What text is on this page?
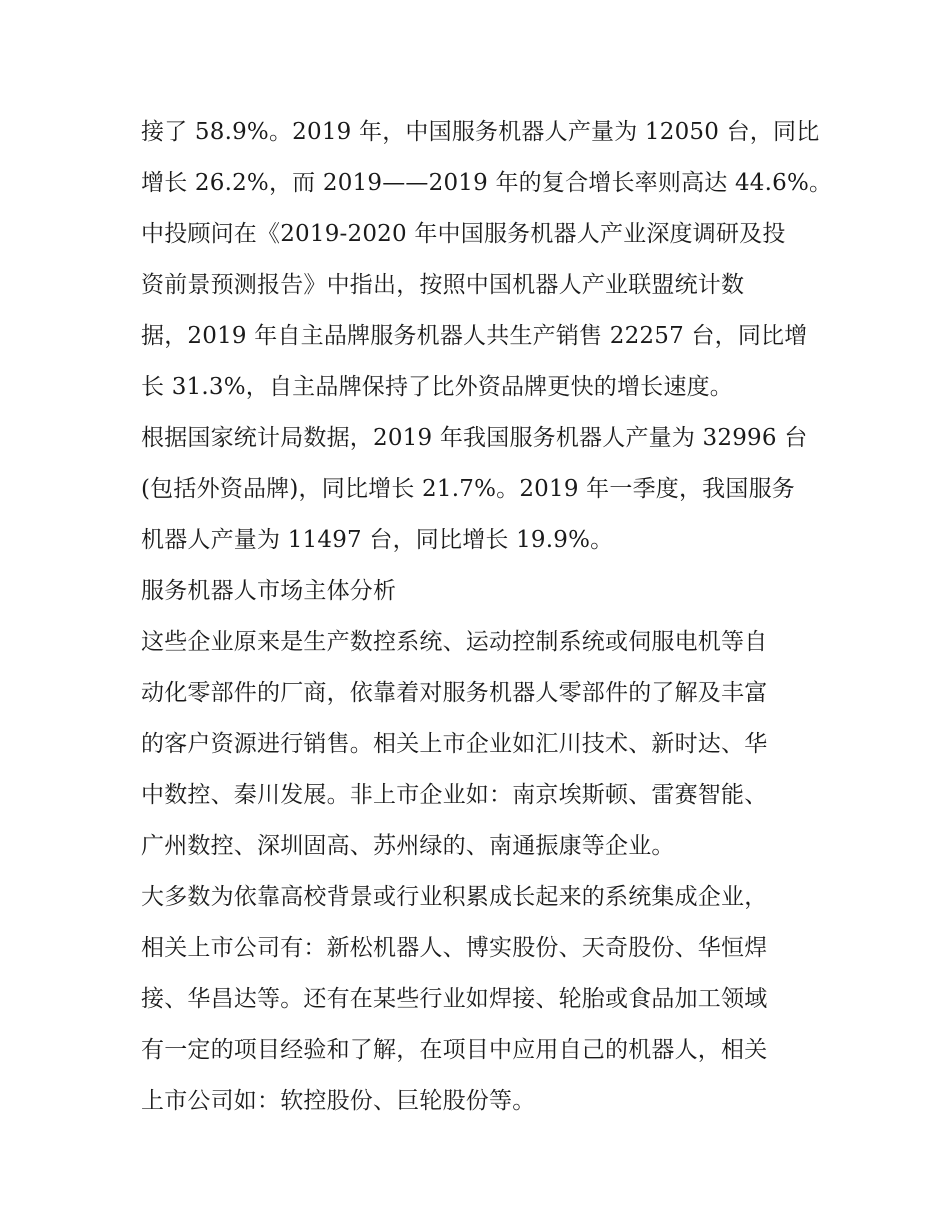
接了 58.9%。2019 年，中国服务机器人产量为 12050 台，同比
增长 26.2%，而 2019——2019 年的复合增长率则高达 44.6%。
中投顾问在《2019-2020 年中国服务机器人产业深度调研及投
资前景预测报告》中指出，按照中国机器人产业联盟统计数
据，2019 年自主品牌服务机器人共生产销售 22257 台，同比增
长 31.3%，自主品牌保持了比外资品牌更快的增长速度。
根据国家统计局数据，2019 年我国服务机器人产量为 32996 台
(包括外资品牌)，同比增长 21.7%。2019 年一季度，我国服务
机器人产量为 11497 台，同比增长 19.9%。
服务机器人市场主体分析
这些企业原来是生产数控系统、运动控制系统或伺服电机等自
动化零部件的厂商，依靠着对服务机器人零部件的了解及丰富
的客户资源进行销售。相关上市企业如汇川技术、新时达、华
中数控、秦川发展。非上市企业如：南京埃斯顿、雷赛智能、
广州数控、深圳固高、苏州绿的、南通振康等企业。
大多数为依靠高校背景或行业积累成长起来的系统集成企业，
相关上市公司有：新松机器人、博实股份、天奇股份、华恒焊
接、华昌达等。还有在某些行业如焊接、轮胎或食品加工领域
有一定的项目经验和了解，在项目中应用自己的机器人，相关
上市公司如：软控股份、巨轮股份等。
